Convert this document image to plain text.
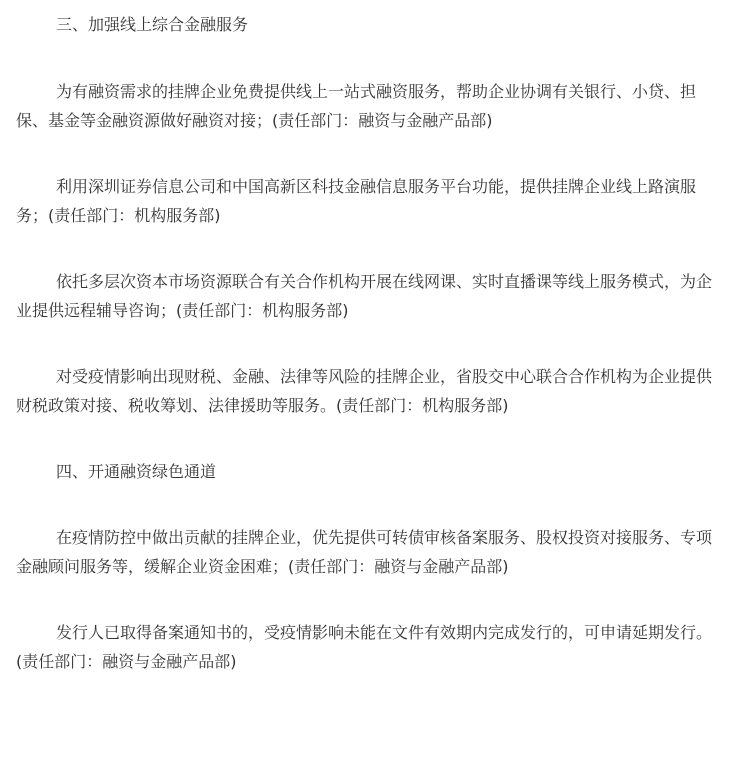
三、加强线上综合金融服务

为有融资需求的挂牌企业免费提供线上一站式融资服务，帮助企业协调有关银行、小贷、担保、基金等金融资源做好融资对接；(责任部门：融资与金融产品部)

利用深圳证券信息公司和中国高新区科技金融信息服务平台功能，提供挂牌企业线上路演服务；(责任部门：机构服务部)

依托多层次资本市场资源联合有关合作机构开展在线网课、实时直播课等线上服务模式，为企业提供远程辅导咨询；(责任部门：机构服务部)

对受疫情影响出现财税、金融、法律等风险的挂牌企业，省股交中心联合合作机构为企业提供财税政策对接、税收筹划、法律援助等服务。(责任部门：机构服务部)

四、开通融资绿色通道

在疫情防控中做出贡献的挂牌企业，优先提供可转债审核备案服务、股权投资对接服务、专项金融顾问服务等，缓解企业资金困难；(责任部门：融资与金融产品部)

发行人已取得备案通知书的，受疫情影响未能在文件有效期内完成发行的，可申请延期发行。(责任部门：融资与金融产品部)
